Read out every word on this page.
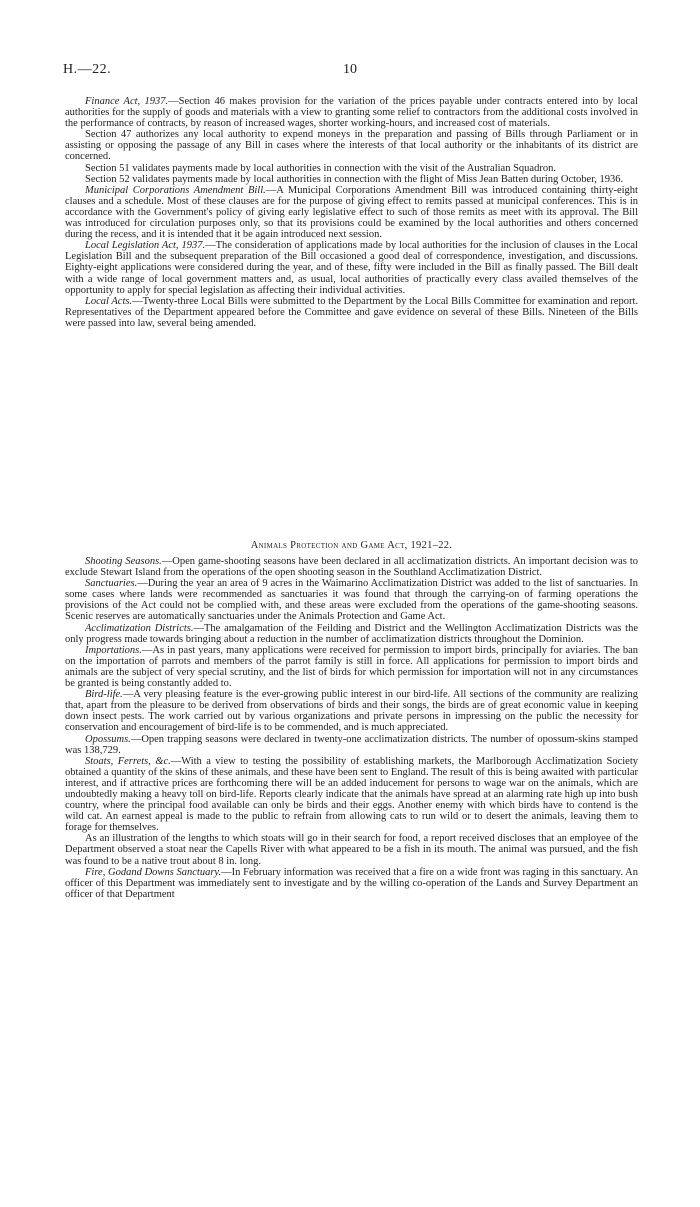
H.—22.	10

Finance Act, 1937.—Section 46 makes provision for the variation of the prices payable under contracts entered into by local authorities for the supply of goods and materials with a view to granting some relief to contractors from the additional costs involved in the performance of contracts, by reason of increased wages, shorter working-hours, and increased cost of materials.

Section 47 authorizes any local authority to expend moneys in the preparation and passing of Bills through Parliament or in assisting or opposing the passage of any Bill in cases where the interests of that local authority or the inhabitants of its district are concerned.

Section 51 validates payments made by local authorities in connection with the visit of the Australian Squadron.

Section 52 validates payments made by local authorities in connection with the flight of Miss Jean Batten during October, 1936.

Municipal Corporations Amendment Bill.—A Municipal Corporations Amendment Bill was introduced containing thirty-eight clauses and a schedule. Most of these clauses are for the purpose of giving effect to remits passed at municipal conferences. This is in accordance with the Government's policy of giving early legislative effect to such of those remits as meet with its approval. The Bill was introduced for circulation purposes only, so that its provisions could be examined by the local authorities and others concerned during the recess, and it is intended that it be again introduced next session.

Local Legislation Act, 1937.—The consideration of applications made by local authorities for the inclusion of clauses in the Local Legislation Bill and the subsequent preparation of the Bill occasioned a good deal of correspondence, investigation, and discussions. Eighty-eight applications were considered during the year, and of these, fifty were included in the Bill as finally passed. The Bill dealt with a wide range of local government matters and, as usual, local authorities of practically every class availed themselves of the opportunity to apply for special legislation as affecting their individual activities.

Local Acts.—Twenty-three Local Bills were submitted to the Department by the Local Bills Committee for examination and report. Representatives of the Department appeared before the Committee and gave evidence on several of these Bills. Nineteen of the Bills were passed into law, several being amended.

Animals Protection and Game Act, 1921–22.

Shooting Seasons.—Open game-shooting seasons have been declared in all acclimatization districts. An important decision was to exclude Stewart Island from the operations of the open shooting season in the Southland Acclimatization District.

Sanctuaries.—During the year an area of 9 acres in the Waimarino Acclimatization District was added to the list of sanctuaries. In some cases where lands were recommended as sanctuaries it was found that through the carrying-on of farming operations the provisions of the Act could not be complied with, and these areas were excluded from the operations of the game-shooting seasons. Scenic reserves are automatically sanctuaries under the Animals Protection and Game Act.

Acclimatization Districts.—The amalgamation of the Feilding and District and the Wellington Acclimatization Districts was the only progress made towards bringing about a reduction in the number of acclimatization districts throughout the Dominion.

Importations.—As in past years, many applications were received for permission to import birds, principally for aviaries. The ban on the importation of parrots and members of the parrot family is still in force. All applications for permission to import birds and animals are the subject of very special scrutiny, and the list of birds for which permission for importation will not in any circumstances be granted is being constantly added to.

Bird-life.—A very pleasing feature is the ever-growing public interest in our bird-life. All sections of the community are realizing that, apart from the pleasure to be derived from observations of birds and their songs, the birds are of great economic value in keeping down insect pests. The work carried out by various organizations and private persons in impressing on the public the necessity for conservation and encouragement of bird-life is to be commended, and is much appreciated.

Opossums.—Open trapping seasons were declared in twenty-one acclimatization districts. The number of opossum-skins stamped was 138,729.

Stoats, Ferrets, &c.—With a view to testing the possibility of establishing markets, the Marlborough Acclimatization Society obtained a quantity of the skins of these animals, and these have been sent to England. The result of this is being awaited with particular interest, and if attractive prices are forthcoming there will be an added inducement for persons to wage war on the animals, which are undoubtedly making a heavy toll on bird-life. Reports clearly indicate that the animals have spread at an alarming rate high up into bush country, where the principal food available can only be birds and their eggs. Another enemy with which birds have to contend is the wild cat. An earnest appeal is made to the public to refrain from allowing cats to run wild or to desert the animals, leaving them to forage for themselves.

As an illustration of the lengths to which stoats will go in their search for food, a report received discloses that an employee of the Department observed a stoat near the Capells River with what appeared to be a fish in its mouth. The animal was pursued, and the fish was found to be a native trout about 8 in. long.

Fire, Godand Downs Sanctuary.—In February information was received that a fire on a wide front was raging in this sanctuary. An officer of this Department was immediately sent to investigate and by the willing co-operation of the Lands and Survey Department an officer of that Department
